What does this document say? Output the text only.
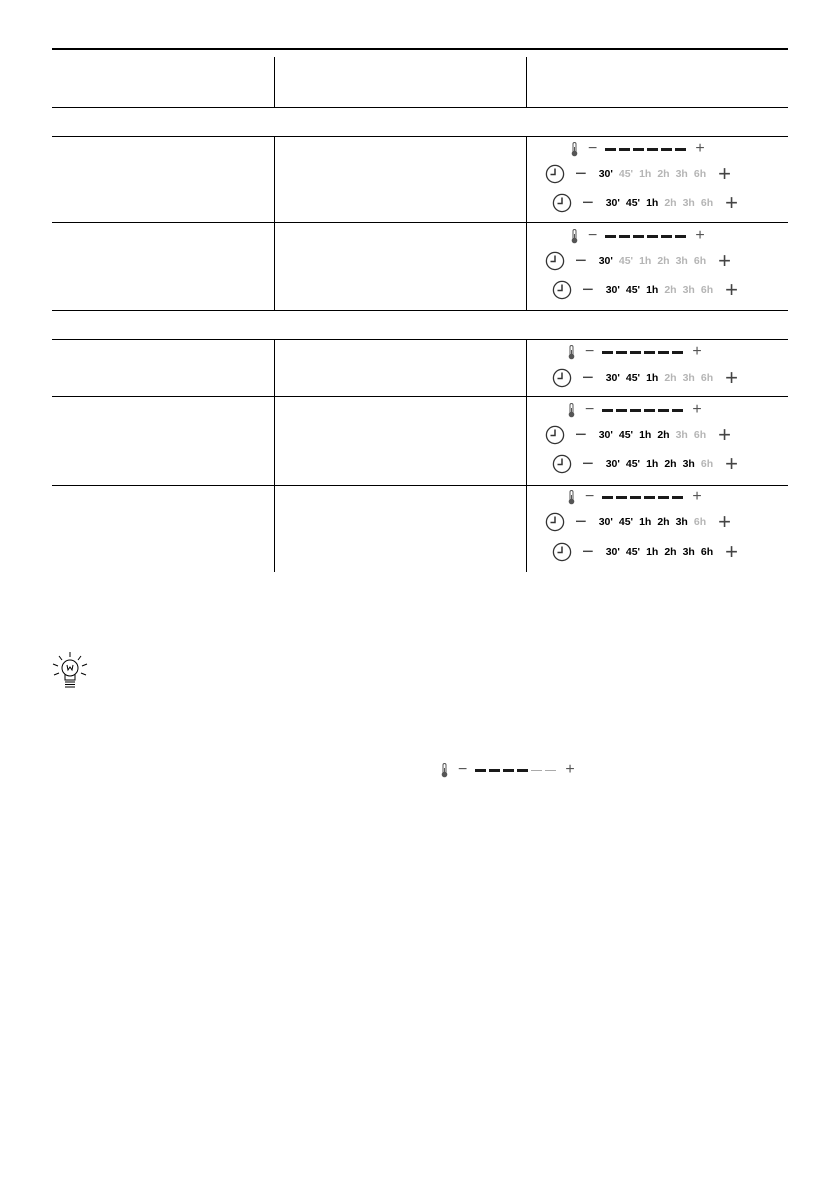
−	+
− 30' 45' 1h 2h 3h 6h +
− 30' 45' 1h 2h 3h 6h +
−	+
− 30' 45' 1h 2h 3h 6h +
− 30' 45' 1h 2h 3h 6h +
−	+
− 30' 45' 1h 2h 3h 6h +
−	+
− 30' 45' 1h 2h 3h 6h +
− 30' 45' 1h 2h 3h 6h +
−	+
− 30' 45' 1h 2h 3h 6h +
− 30' 45' 1h 2h 3h 6h +
−	+
